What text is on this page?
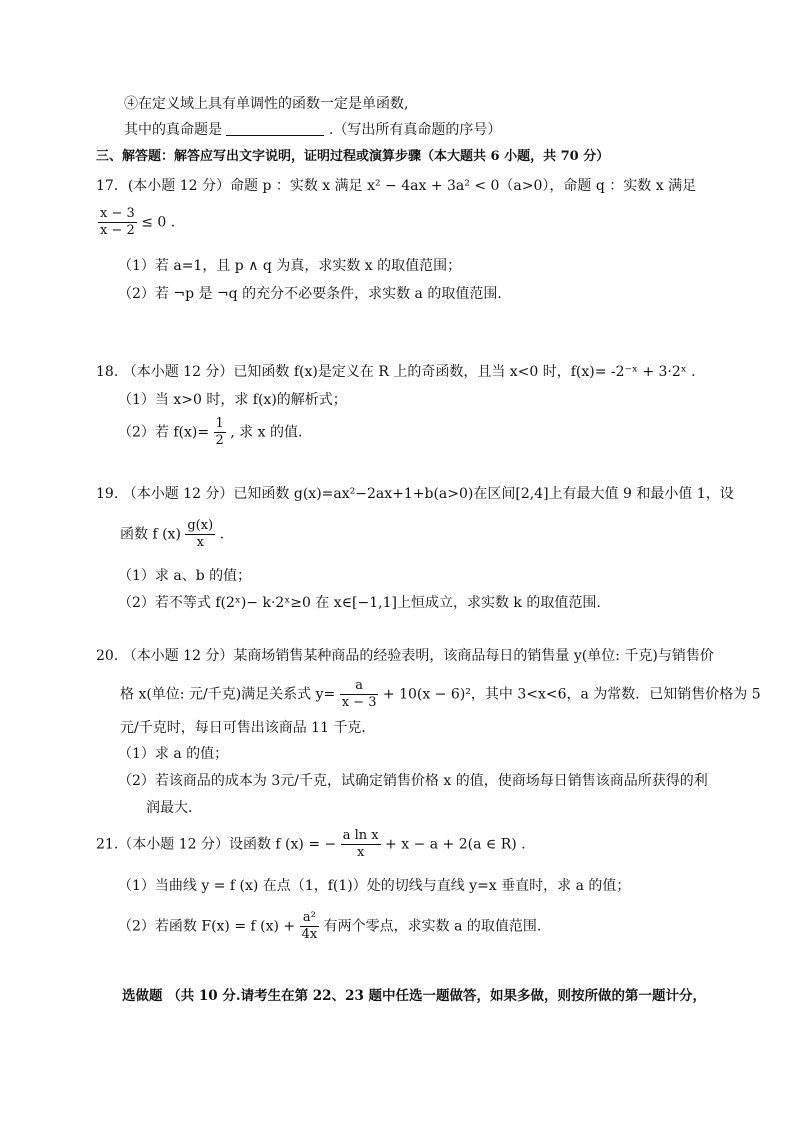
④在定义域上具有单调性的函数一定是单函数,
其中的真命题是	.（写出所有真命题的序号）
三、解答题：解答应写出文字说明，证明过程或演算步骤（本大题共 6 小题，共 70 分）
17．(本小题 12 分）命题 p ：实数 x 满足 x² − 4ax + 3a² < 0（a>0），命题 q ：实数 x 满足
$\frac{x - 3}{x - 2} \le 0$ .
（1）若 a=1，且 p ∧ q 为真，求实数 x 的取值范围；
（2）若 ¬p 是 ¬q 的充分不必要条件，求实数 a 的取值范围.
18. （本小题 12 分）已知函数 f(x)是定义在 R 上的奇函数，且当 x<0 时，f(x)= -2⁻ˣ + 3·2ˣ .
（1）当 x>0 时，求 f(x)的解析式；
（2）若 $f(x)= \frac{1}{2}$ , 求 x 的值.
19. （本小题 12 分）已知函数 g(x)=ax²−2ax+1+b(a>0)在区间[2,4]上有最大值 9 和最小值 1，设
函数 f $(x) \frac{g(x)}{x}$ .
（1）求 a、b 的值；
（2）若不等式 f(2ˣ)− k·2ˣ≥0 在 x∈[−1,1]上恒成立，求实数 k 的取值范围.
20. （本小题 12 分）某商场销售某种商品的经验表明，该商品每日的销售量 y(单位: 千克)与销售价
格 x(单位: 元/千克)满足关系式 $y= \frac{a}{x - 3} + 10(x - 6)^2$，其中 3<x<6，a 为常数．已知销售价格为 5
元/千克时，每日可售出该商品 11 千克．
（1）求 a 的值；
（2）若该商品的成本为 3元/千克，试确定销售价格 x 的值，使商场每日销售该商品所获得的利
润最大．
21.（本小题 12 分）设函数 f (x) = − $\frac{\text{a ln x}}{x} + x - a + 2(a$ ∈ R) .
（1）当曲线 y = f (x) 在点（1，f(1)）处的切线与直线 y=x 垂直时，求 a 的值；
（2）若函数 F(x) = f $(x) + \frac{\text{a²}}{4x}$ 有两个零点，求实数 a 的取值范围.
选做题 （共 10 分.请考生在第 22、23 题中任选一题做答，如果多做，则按所做的第一题计分，
